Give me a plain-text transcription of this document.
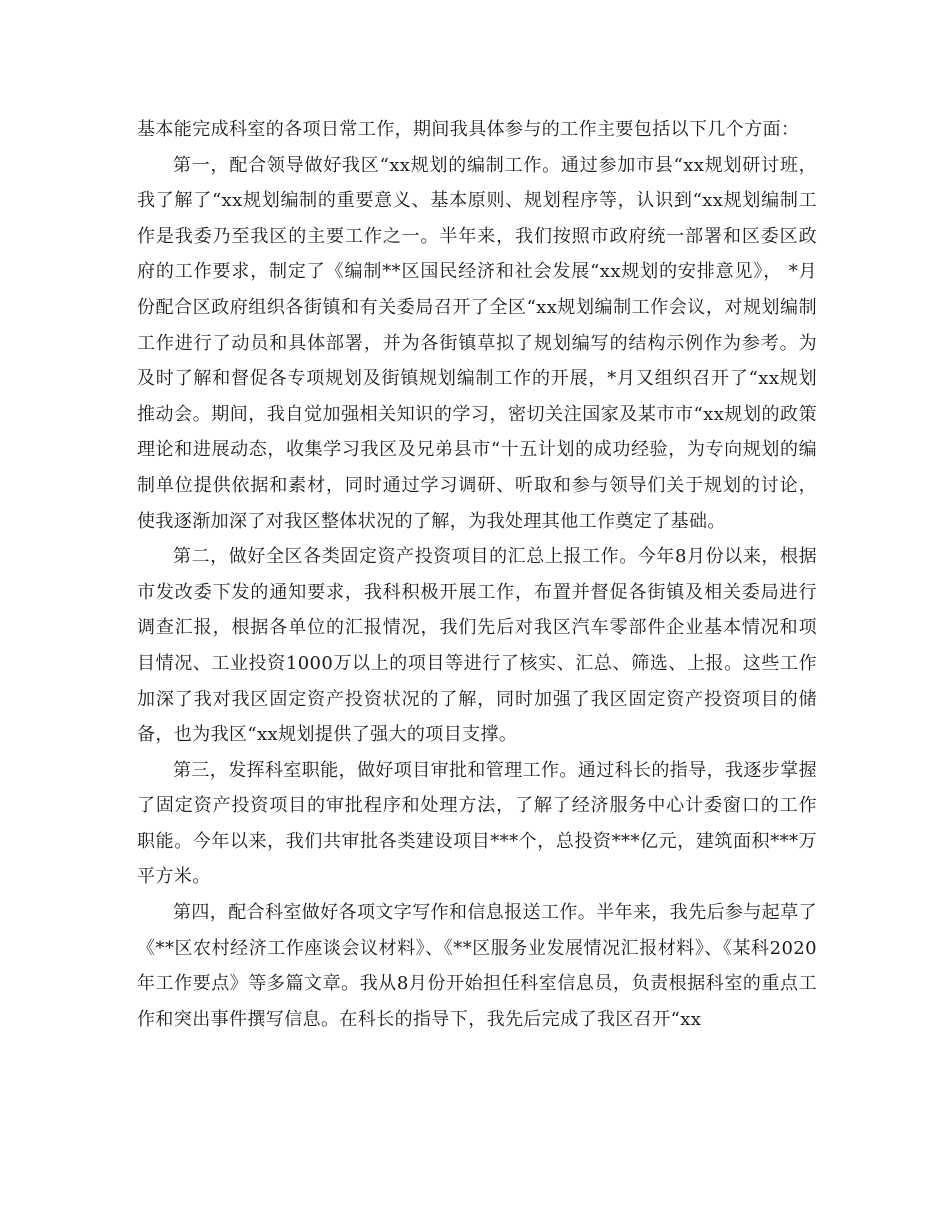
基本能完成科室的各项日常工作，期间我具体参与的工作主要包括以下几个方面：

第一，配合领导做好我区“xx规划的编制工作。通过参加市县“xx规划研讨班，我了解了“xx规划编制的重要意义、基本原则、规划程序等，认识到“xx规划编制工作是我委乃至我区的主要工作之一。半年来，我们按照市政府统一部署和区委区政府的工作要求，制定了《编制**区国民经济和社会发展“xx规划的安排意见》， *月份配合区政府组织各街镇和有关委局召开了全区“xx规划编制工作会议，对规划编制工作进行了动员和具体部署，并为各街镇草拟了规划编写的结构示例作为参考。为及时了解和督促各专项规划及街镇规划编制工作的开展，*月又组织召开了“xx规划推动会。期间，我自觉加强相关知识的学习，密切关注国家及某市市“xx规划的政策理论和进展动态，收集学习我区及兄弟县市“十五计划的成功经验，为专向规划的编制单位提供依据和素材，同时通过学习调研、听取和参与领导们关于规划的讨论，使我逐渐加深了对我区整体状况的了解，为我处理其他工作奠定了基础。

第二，做好全区各类固定资产投资项目的汇总上报工作。今年8月份以来，根据市发改委下发的通知要求，我科积极开展工作，布置并督促各街镇及相关委局进行调查汇报，根据各单位的汇报情况，我们先后对我区汽车零部件企业基本情况和项目情况、工业投资1000万以上的项目等进行了核实、汇总、筛选、上报。这些工作加深了我对我区固定资产投资状况的了解，同时加强了我区固定资产投资项目的储备，也为我区“xx规划提供了强大的项目支撑。

第三，发挥科室职能，做好项目审批和管理工作。通过科长的指导，我逐步掌握了固定资产投资项目的审批程序和处理方法，了解了经济服务中心计委窗口的工作职能。今年以来，我们共审批各类建设项目***个，总投资***亿元，建筑面积***万平方米。

第四，配合科室做好各项文字写作和信息报送工作。半年来，我先后参与起草了《**区农村经济工作座谈会议材料》、《**区服务业发展情况汇报材料》、《某科2020年工作要点》等多篇文章。我从8月份开始担任科室信息员，负责根据科室的重点工作和突出事件撰写信息。在科长的指导下，我先后完成了我区召开“xx
